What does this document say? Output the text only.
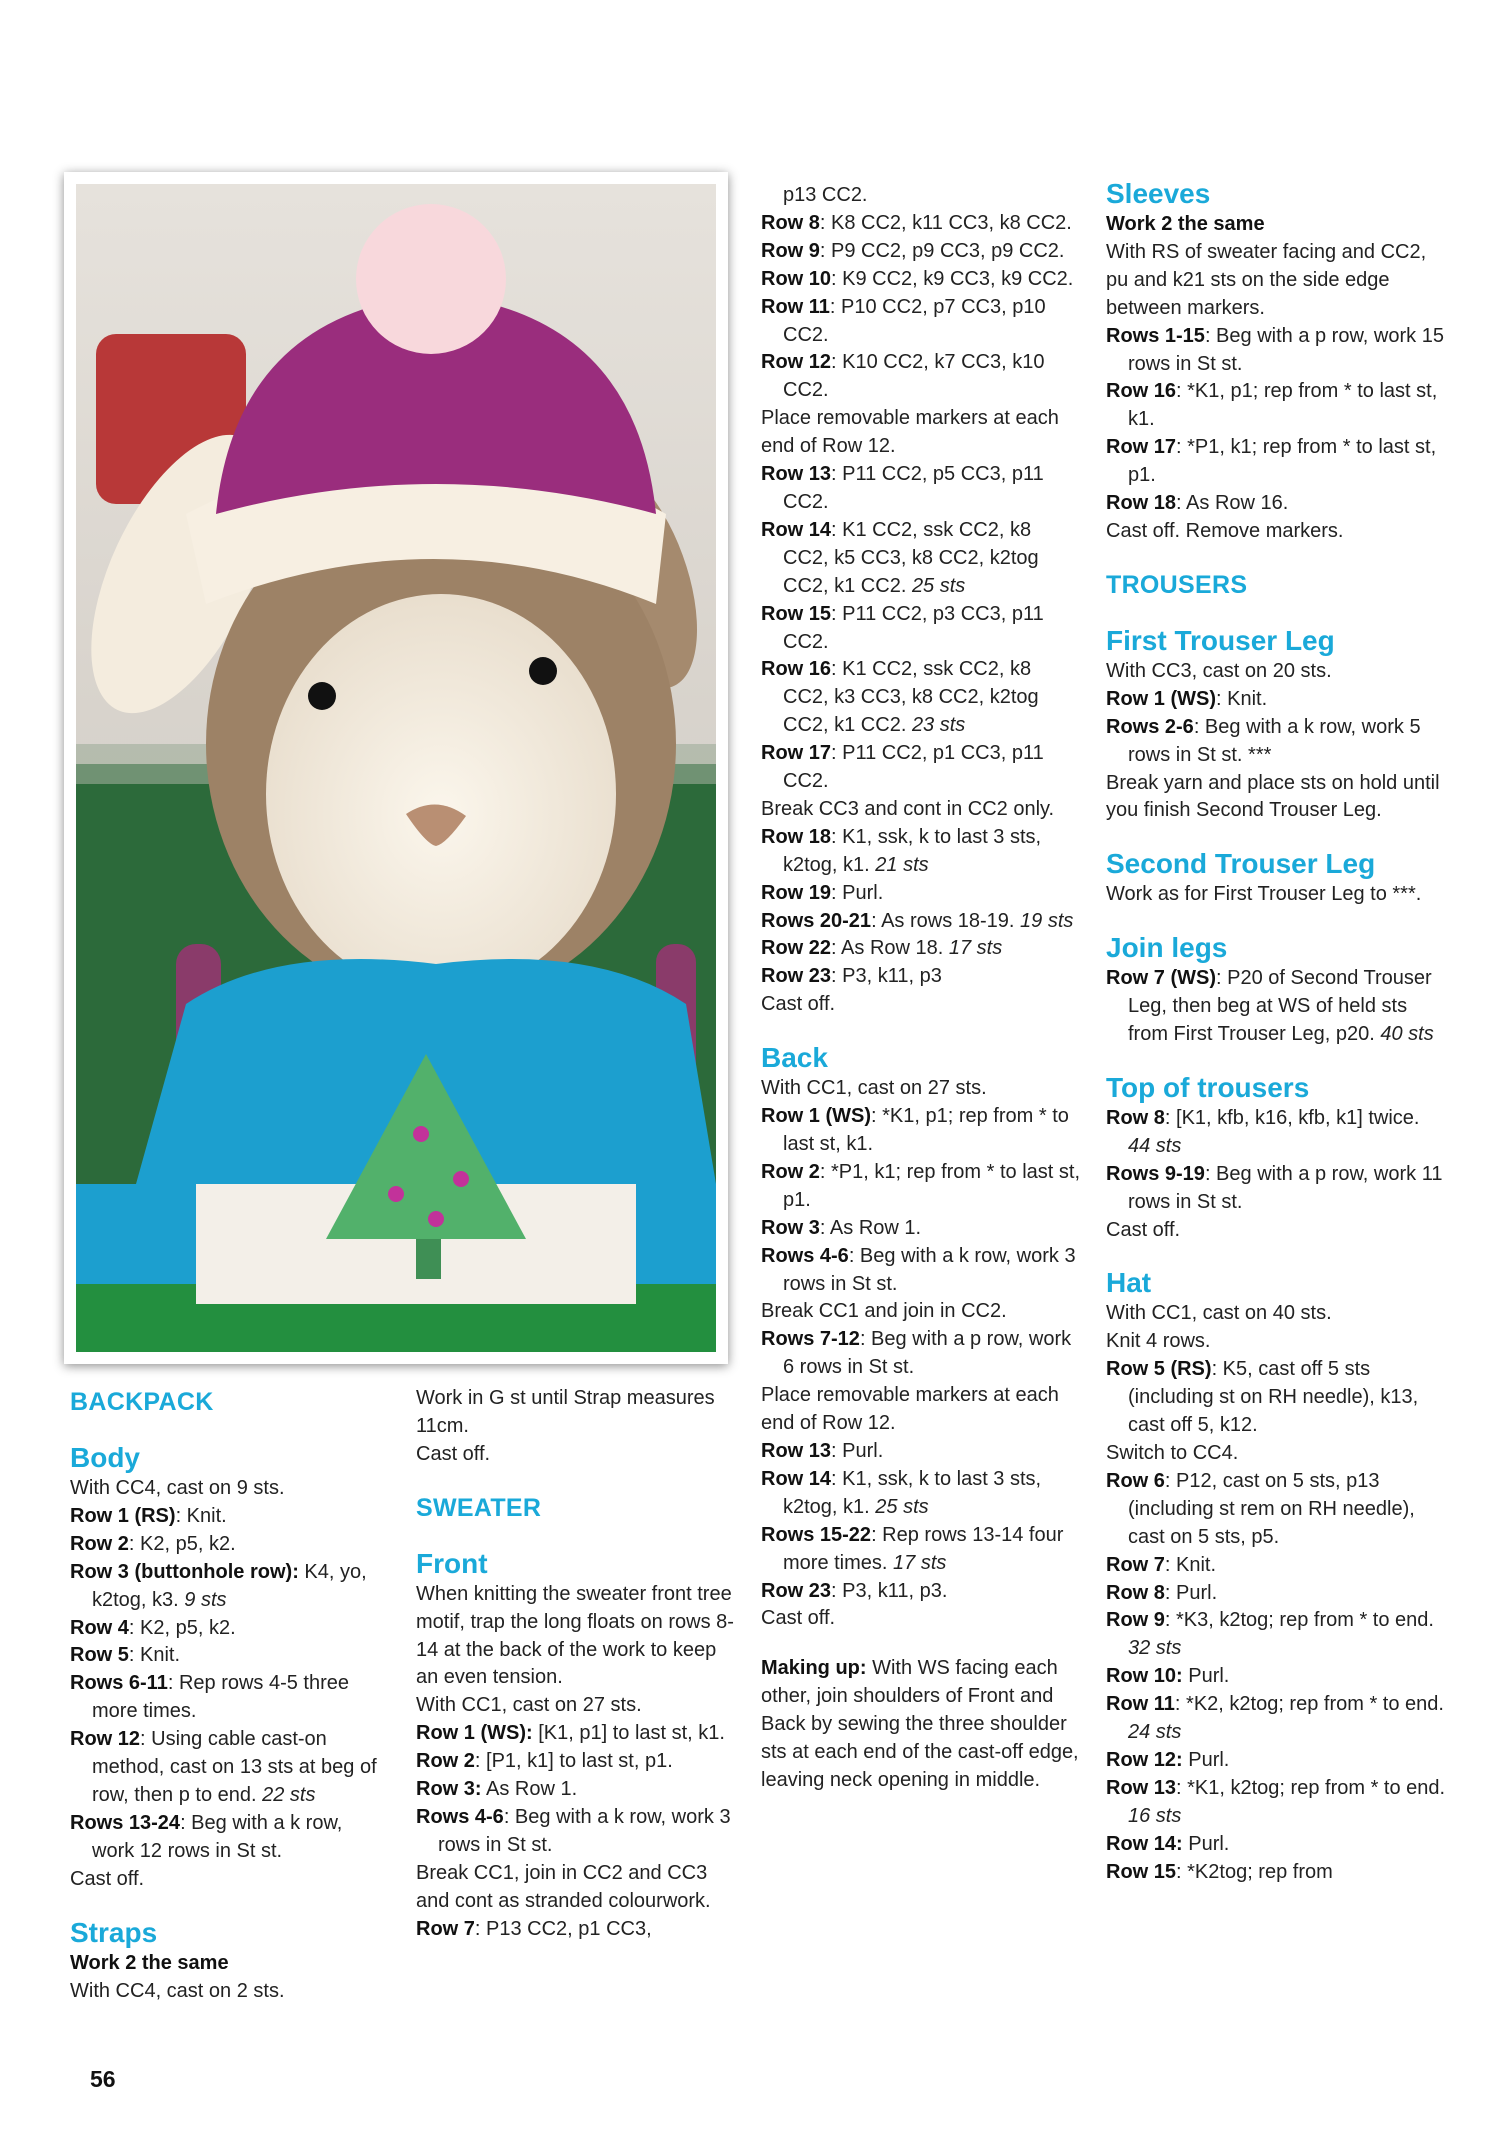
BACKPACK

Body

With CC4, cast on 9 sts.

Row 1 (RS): Knit.

Row 2: K2, p5, k2.

Row 3 (buttonhole row): K4, yo, k2tog, k3. 9 sts

Row 4: K2, p5, k2.

Row 5: Knit.

Rows 6-11: Rep rows 4-5 three more times.

Row 12: Using cable cast-on method, cast on 13 sts at beg of row, then p to end. 22 sts

Rows 13-24: Beg with a k row, work 12 rows in St st.

Cast off.

Straps

Work 2 the same

With CC4, cast on 2 sts.

Work in G st until Strap measures 11cm.

Cast off.

SWEATER

Front

When knitting the sweater front tree motif, trap the long floats on rows 8-14 at the back of the work to keep an even tension.

With CC1, cast on 27 sts.

Row 1 (WS): [K1, p1] to last st, k1.

Row 2: [P1, k1] to last st, p1.

Row 3: As Row 1.

Rows 4-6: Beg with a k row, work 3 rows in St st.

Break CC1, join in CC2 and CC3 and cont as stranded colourwork.

Row 7: P13 CC2, p1 CC3,

p13 CC2.

Row 8: K8 CC2, k11 CC3, k8 CC2.

Row 9: P9 CC2, p9 CC3, p9 CC2.

Row 10: K9 CC2, k9 CC3, k9 CC2.

Row 11: P10 CC2, p7 CC3, p10 CC2.

Row 12: K10 CC2, k7 CC3, k10 CC2.

Place removable markers at each end of Row 12.

Row 13: P11 CC2, p5 CC3, p11 CC2.

Row 14: K1 CC2, ssk CC2, k8 CC2, k5 CC3, k8 CC2, k2tog CC2, k1 CC2. 25 sts

Row 15: P11 CC2, p3 CC3, p11 CC2.

Row 16: K1 CC2, ssk CC2, k8 CC2, k3 CC3, k8 CC2, k2tog CC2, k1 CC2. 23 sts

Row 17: P11 CC2, p1 CC3, p11 CC2.

Break CC3 and cont in CC2 only.

Row 18: K1, ssk, k to last 3 sts, k2tog, k1. 21 sts

Row 19: Purl.

Rows 20-21: As rows 18-19. 19 sts

Row 22: As Row 18. 17 sts

Row 23: P3, k11, p3

Cast off.

Back

With CC1, cast on 27 sts.

Row 1 (WS): *K1, p1; rep from * to last st, k1.

Row 2: *P1, k1; rep from * to last st, p1.

Row 3: As Row 1.

Rows 4-6: Beg with a k row, work 3 rows in St st.

Break CC1 and join in CC2.

Rows 7-12: Beg with a p row, work 6 rows in St st.

Place removable markers at each end of Row 12.

Row 13: Purl.

Row 14: K1, ssk, k to last 3 sts, k2tog, k1. 25 sts

Rows 15-22: Rep rows 13-14 four more times. 17 sts

Row 23: P3, k11, p3.

Cast off.

Making up: With WS facing each other, join shoulders of Front and Back by sewing the three shoulder sts at each end of the cast-off edge, leaving neck opening in middle.

Sleeves

Work 2 the same

With RS of sweater facing and CC2, pu and k21 sts on the side edge between markers.

Rows 1-15: Beg with a p row, work 15 rows in St st.

Row 16: *K1, p1; rep from * to last st, k1.

Row 17: *P1, k1; rep from * to last st, p1.

Row 18: As Row 16.

Cast off. Remove markers.

TROUSERS

First Trouser Leg

With CC3, cast on 20 sts.

Row 1 (WS): Knit.

Rows 2-6: Beg with a k row, work 5 rows in St st. ***

Break yarn and place sts on hold until you finish Second Trouser Leg.

Second Trouser Leg

Work as for First Trouser Leg to ***.

Join legs

Row 7 (WS): P20 of Second Trouser Leg, then beg at WS of held sts from First Trouser Leg, p20. 40 sts

Top of trousers

Row 8: [K1, kfb, k16, kfb, k1] twice. 44 sts

Rows 9-19: Beg with a p row, work 11 rows in St st.

Cast off.

Hat

With CC1, cast on 40 sts.

Knit 4 rows.

Row 5 (RS): K5, cast off 5 sts (including st on RH needle), k13, cast off 5, k12.

Switch to CC4.

Row 6: P12, cast on 5 sts, p13 (including st rem on RH needle), cast on 5 sts, p5.

Row 7: Knit.

Row 8: Purl.

Row 9: *K3, k2tog; rep from * to end. 32 sts

Row 10: Purl.

Row 11: *K2, k2tog; rep from * to end. 24 sts

Row 12: Purl.

Row 13: *K1, k2tog; rep from * to end. 16 sts

Row 14: Purl.

Row 15: *K2tog; rep from

56
